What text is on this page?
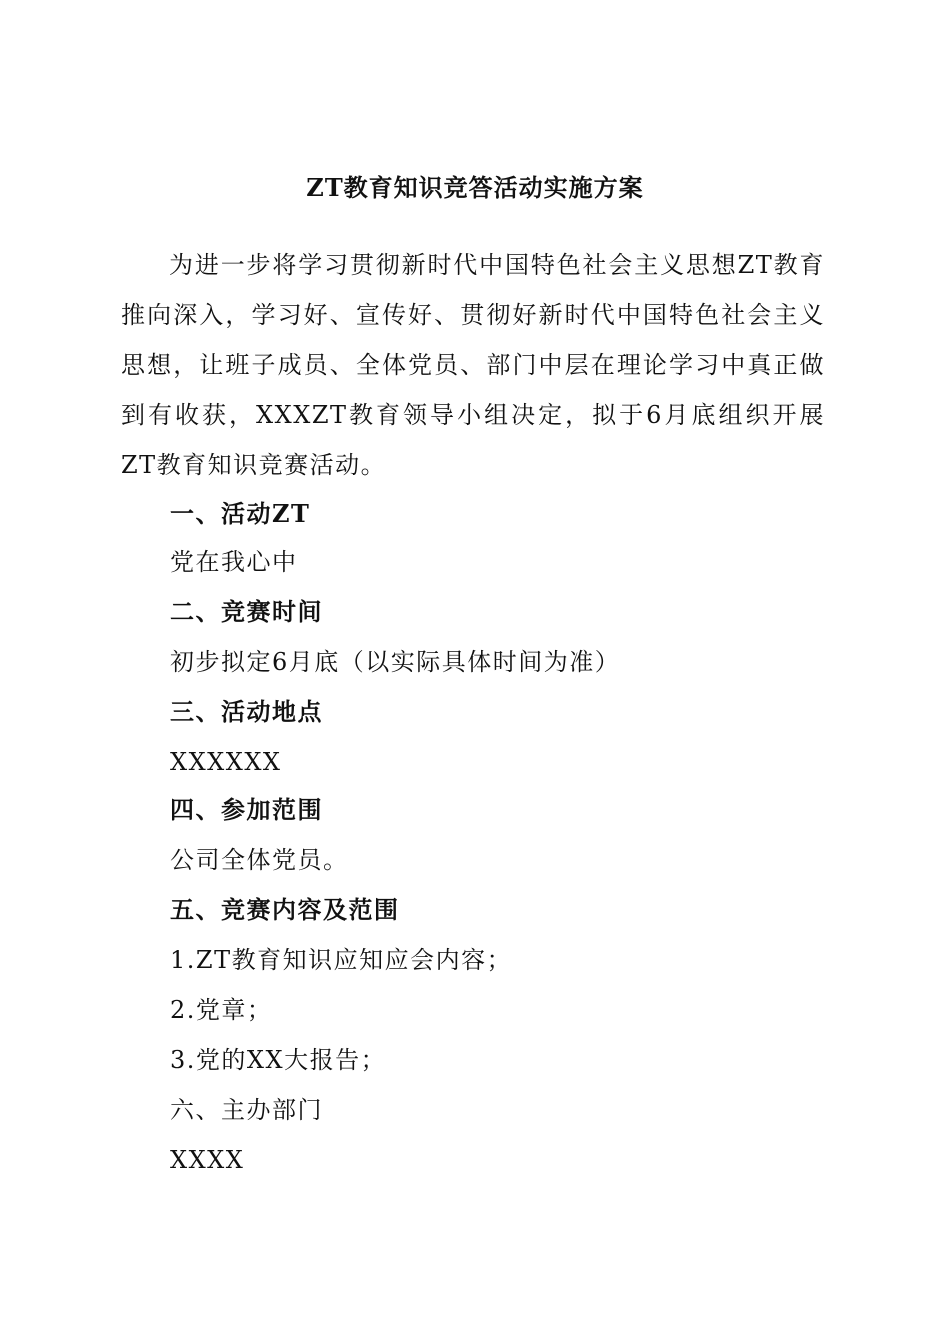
ZT教育知识竞答活动实施方案

为进一步将学习贯彻新时代中国特色社会主义思想ZT教育推向深入，学习好、宣传好、贯彻好新时代中国特色社会主义思想，让班子成员、全体党员、部门中层在理论学习中真正做到有收获，XXXZT教育领导小组决定，拟于6月底组织开展ZT教育知识竞赛活动。

一、活动ZT
党在我心中
二、竞赛时间
初步拟定6月底（以实际具体时间为准）
三、活动地点
XXXXXX
四、参加范围
公司全体党员。
五、竞赛内容及范围
1.ZT教育知识应知应会内容；
2.党章；
3.党的XX大报告；
六、主办部门
XXXX
